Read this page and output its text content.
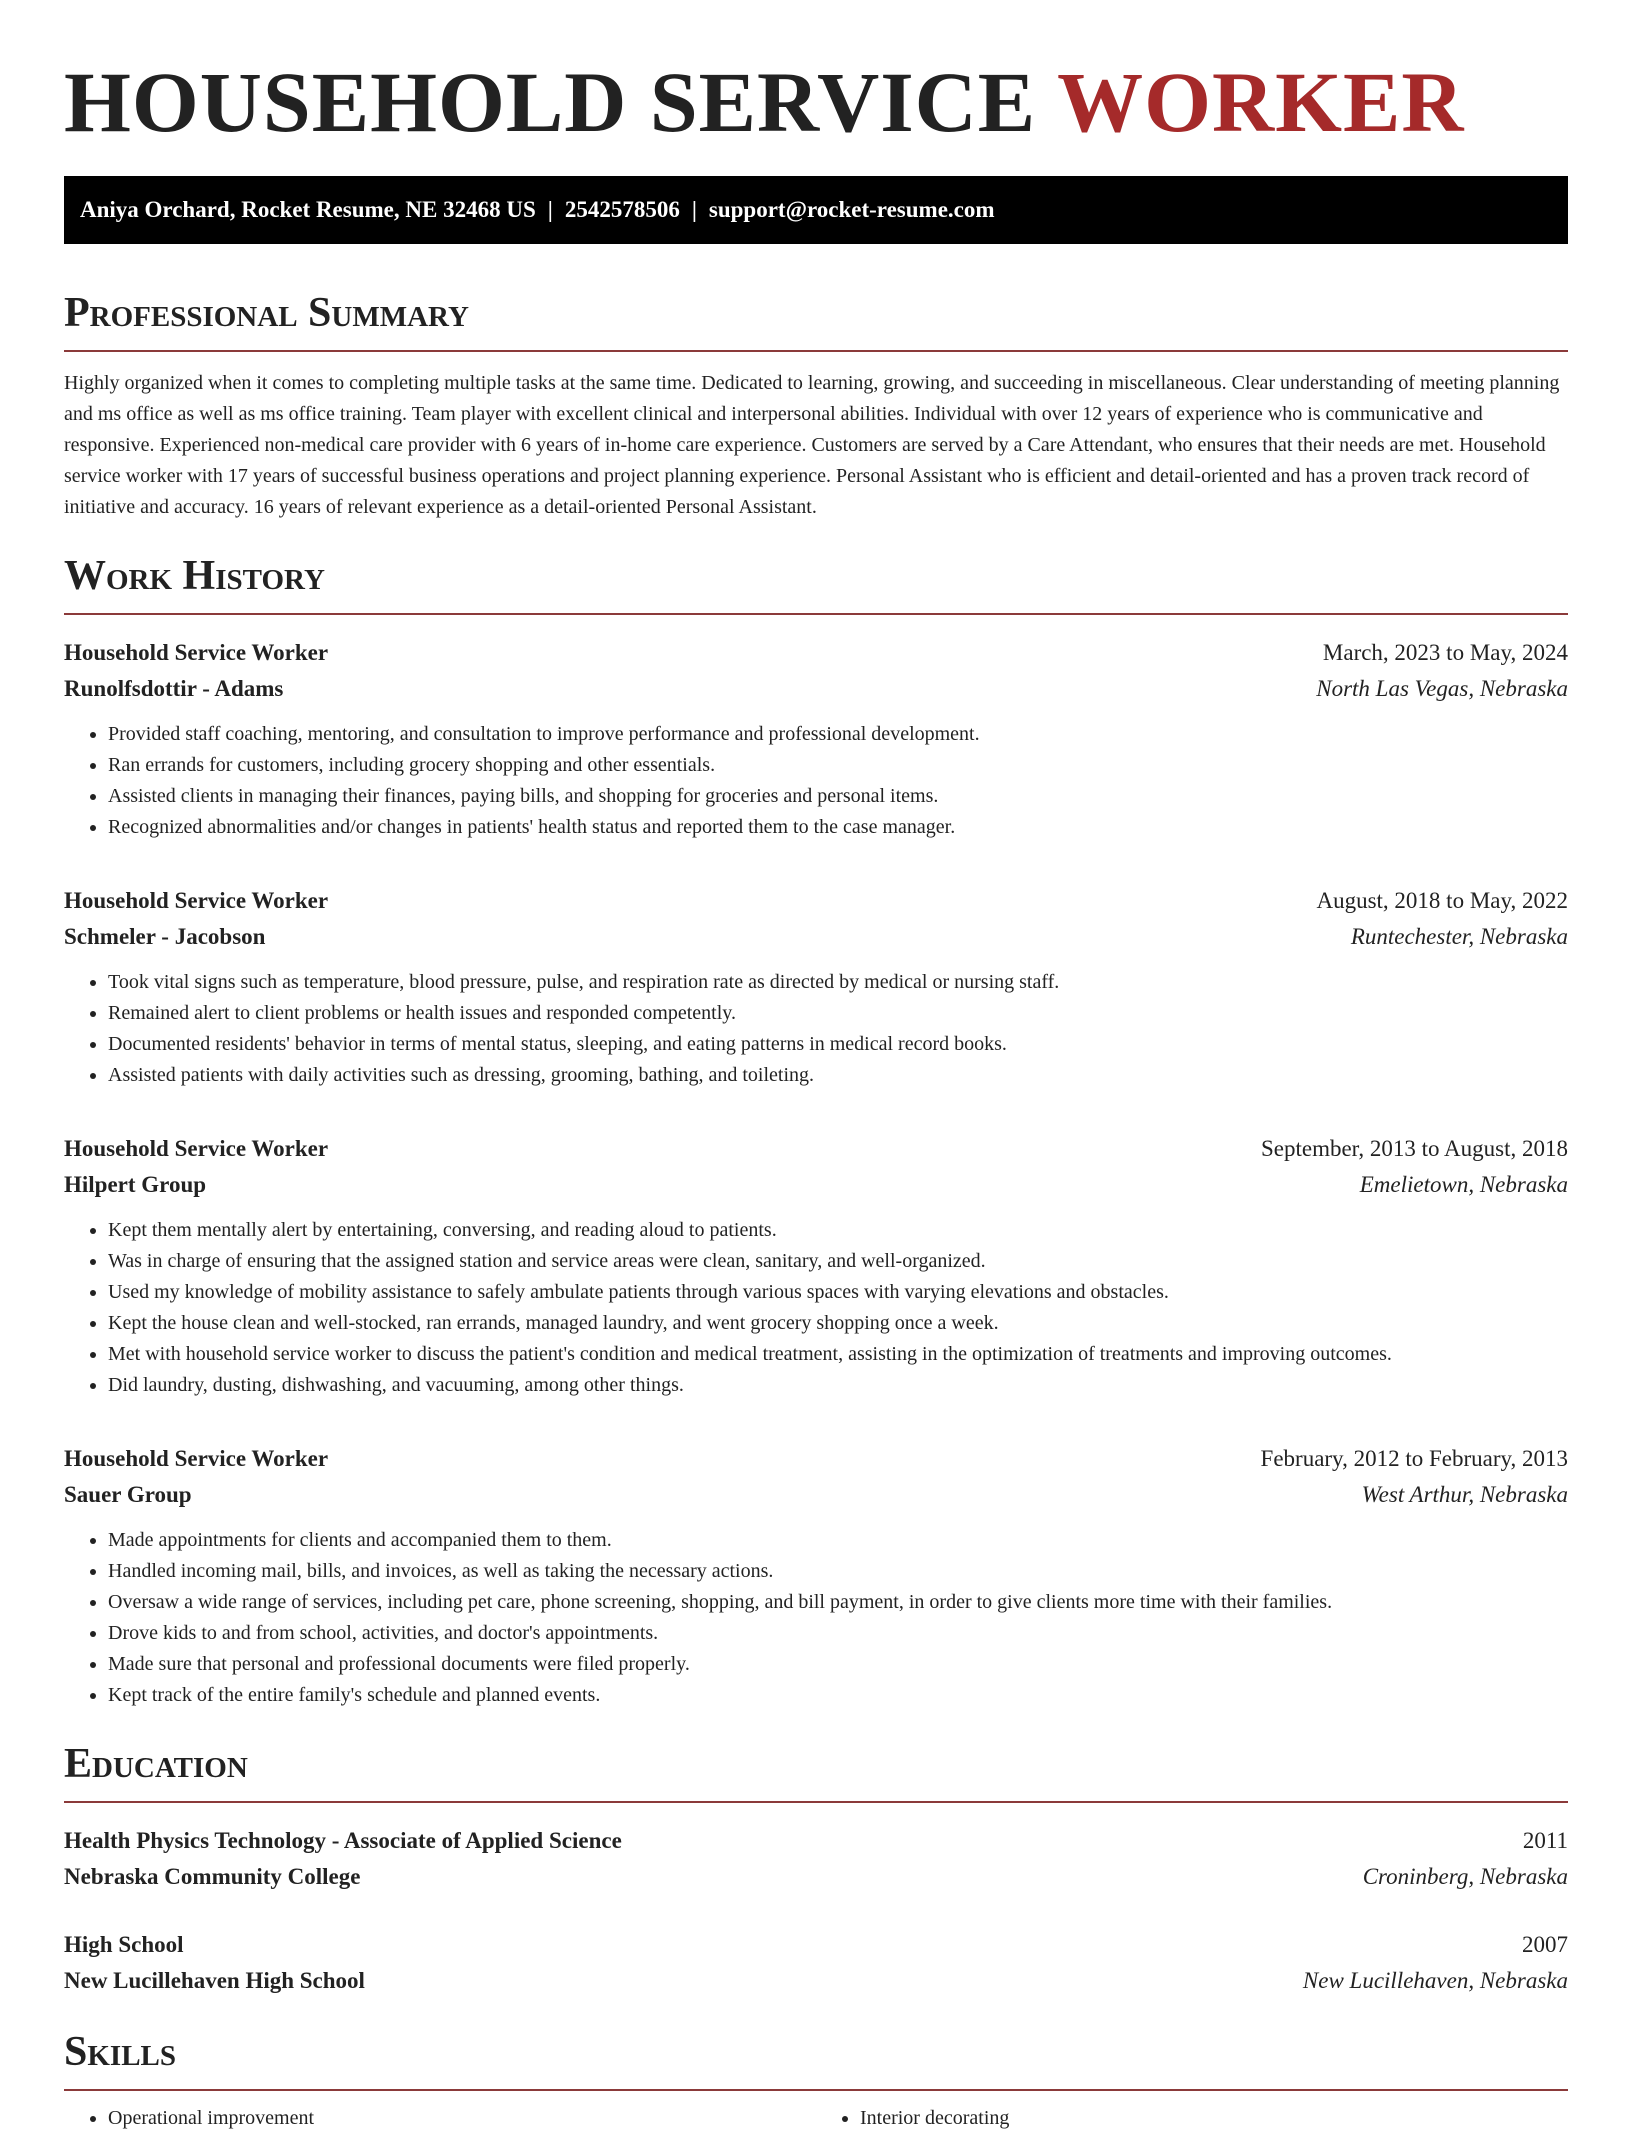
HOUSEHOLD SERVICE WORKER
Aniya Orchard, Rocket Resume, NE 32468 US | 2542578506 | support@rocket-resume.com
Professional Summary

Highly organized when it comes to completing multiple tasks at the same time. Dedicated to learning, growing, and succeeding in miscellaneous. Clear understanding of meeting planning and ms office as well as ms office training. Team player with excellent clinical and interpersonal abilities. Individual with over 12 years of experience who is communicative and responsive. Experienced non-medical care provider with 6 years of in-home care experience. Customers are served by a Care Attendant, who ensures that their needs are met. Household service worker with 17 years of successful business operations and project planning experience. Personal Assistant who is efficient and detail-oriented and has a proven track record of initiative and accuracy. 16 years of relevant experience as a detail-oriented Personal Assistant.

Work History
Household Service Worker	March, 2023 to May, 2024
Runolfsdottir - Adams	North Las Vegas, Nebraska
• Provided staff coaching, mentoring, and consultation to improve performance and professional development.
• Ran errands for customers, including grocery shopping and other essentials.
• Assisted clients in managing their finances, paying bills, and shopping for groceries and personal items.
• Recognized abnormalities and/or changes in patients' health status and reported them to the case manager.
Household Service Worker	August, 2018 to May, 2022
Schmeler - Jacobson	Runtechester, Nebraska
• Took vital signs such as temperature, blood pressure, pulse, and respiration rate as directed by medical or nursing staff.
• Remained alert to client problems or health issues and responded competently.
• Documented residents' behavior in terms of mental status, sleeping, and eating patterns in medical record books.
• Assisted patients with daily activities such as dressing, grooming, bathing, and toileting.
Household Service Worker	September, 2013 to August, 2018
Hilpert Group	Emelietown, Nebraska
• Kept them mentally alert by entertaining, conversing, and reading aloud to patients.
• Was in charge of ensuring that the assigned station and service areas were clean, sanitary, and well-organized.
• Used my knowledge of mobility assistance to safely ambulate patients through various spaces with varying elevations and obstacles.
• Kept the house clean and well-stocked, ran errands, managed laundry, and went grocery shopping once a week.
• Met with household service worker to discuss the patient's condition and medical treatment, assisting in the optimization of treatments and improving outcomes.
• Did laundry, dusting, dishwashing, and vacuuming, among other things.
Household Service Worker	February, 2012 to February, 2013
Sauer Group	West Arthur, Nebraska
• Made appointments for clients and accompanied them to them.
• Handled incoming mail, bills, and invoices, as well as taking the necessary actions.
• Oversaw a wide range of services, including pet care, phone screening, shopping, and bill payment, in order to give clients more time with their families.
• Drove kids to and from school, activities, and doctor's appointments.
• Made sure that personal and professional documents were filed properly.
• Kept track of the entire family's schedule and planned events.
Education
Health Physics Technology - Associate of Applied Science	2011
Nebraska Community College	Croninberg, Nebraska
High School	2007
New Lucillehaven High School	New Lucillehaven, Nebraska
Skills
• Operational improvement
•	Interior decorating
